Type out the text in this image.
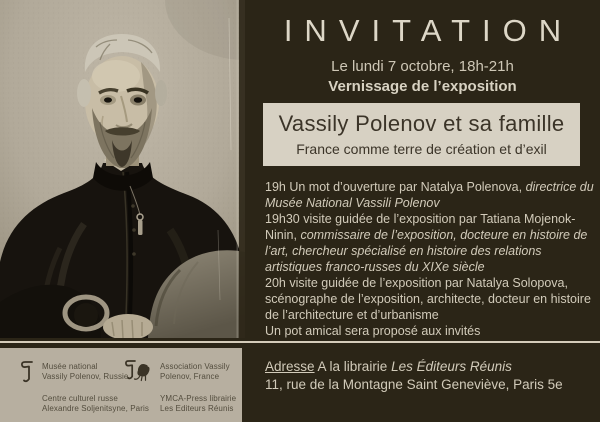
INVITATION
Le lundi 7 octobre, 18h-21h
Vernissage de l’exposition
Vassily Polenov et sa famille
France comme terre de création et d’exil

19h Un mot d’ouverture par Natalya Polenova, directrice du Musée National Vassili Polenov

19h30 visite guidée de l’exposition par Tatiana Mojenok-Ninin, commissaire de l’exposition, docteure en histoire de l’art, chercheur spécialisé en histoire des relations artistiques franco-russes du XIXe siècle

20h visite guidée de l’exposition par Natalya Solopova, scénographe de l’exposition, architecte, docteur en histoire de l’architecture et d’urbanisme

Un pot amical sera proposé aux invités

Musée national
Vassily Polenov, Russie
Association Vassily
Polenov, France
Centre culturel russe
Alexandre Soljenitsyne, Paris
YMCA-Press librairie
Les Editeurs Réunis
Adresse A la librairie Les Éditeurs Réunis
11, rue de la Montagne Saint Geneviève, Paris 5e
